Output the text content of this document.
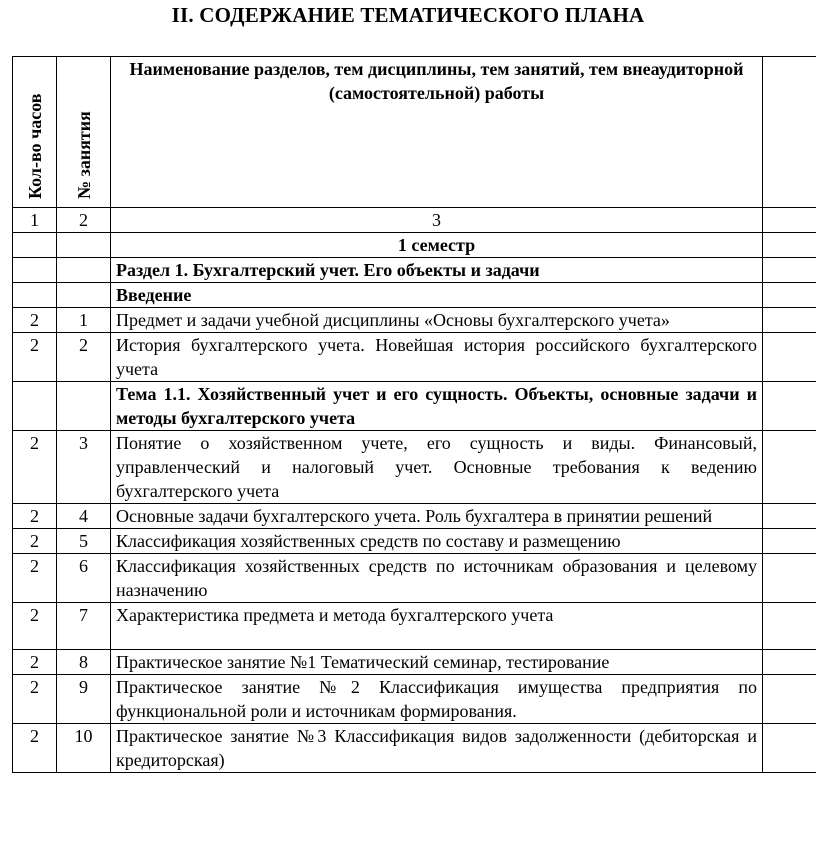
II. СОДЕРЖАНИЕ ТЕМАТИЧЕСКОГО ПЛАНА
Кол-во часов	№ занятия	Наименование разделов, тем дисциплины, тем занятий, тем внеаудиторной (самостоятельной) работы	
1	2	3	
		1 семестр	
		Раздел 1. Бухгалтерский учет. Его объекты и задачи	
		Введение	
2	1	Предмет и задачи учебной дисциплины «Основы бухгалтерского учета»	
2	2	История бухгалтерского учета. Новейшая история российского бухгалтерского учета	
		Тема 1.1. Хозяйственный учет и его сущность. Объекты, основные задачи и методы бухгалтерского учета	
2	3	Понятие о хозяйственном учете, его сущность и виды. Финансовый, управленческий и налоговый учет. Основные требования к ведению бухгалтерского учета	
2	4	Основные задачи бухгалтерского учета. Роль бухгалтера в принятии решений	
2	5	Классификация хозяйственных средств по составу и размещению	
2	6	Классификация хозяйственных средств по источникам образования и целевому назначению	
2	7	Характеристика предмета и метода бухгалтерского учета	
2	8	Практическое занятие №1 Тематический семинар, тестирование	
2	9	Практическое занятие №2 Классификация имущества предприятия по функциональной роли и источникам формирования.	
2	10	Практическое занятие №3 Классификация видов задолженности (дебиторская и кредиторская)	
